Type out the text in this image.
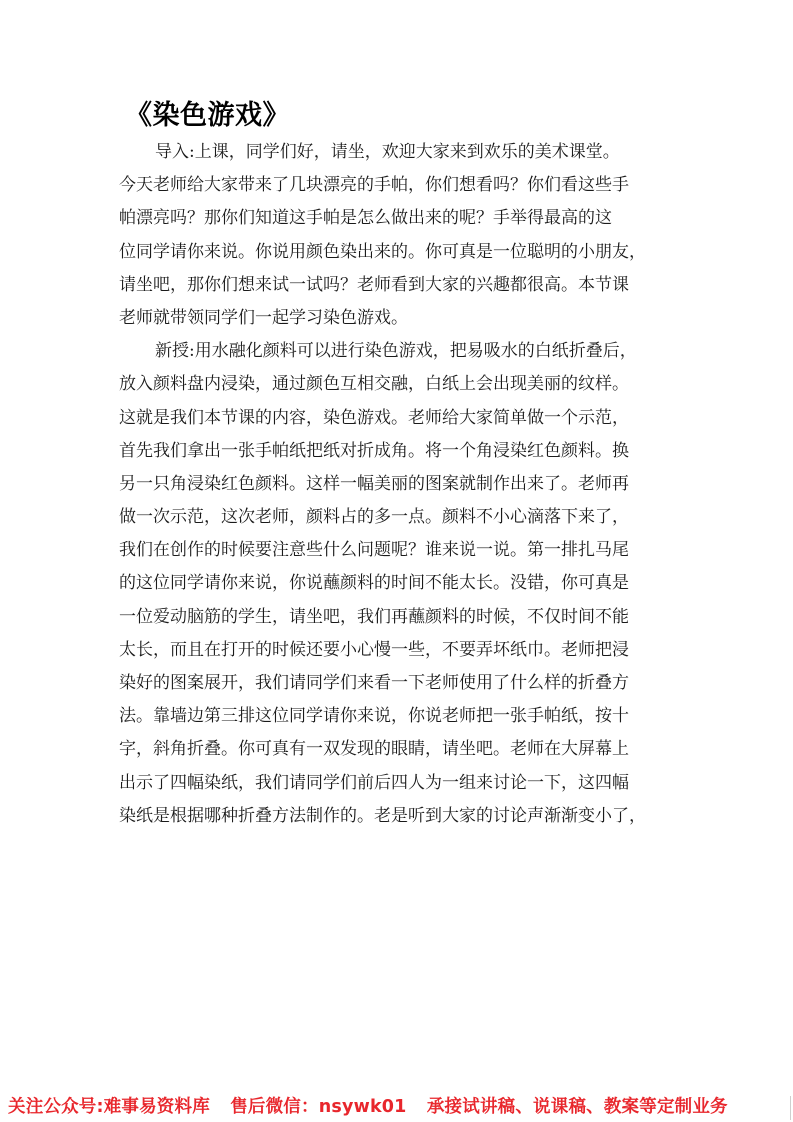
《染色游戏》

导入:上课，同学们好，请坐，欢迎大家来到欢乐的美术课堂。
今天老师给大家带来了几块漂亮的手帕，你们想看吗？你们看这些手
帕漂亮吗？那你们知道这手帕是怎么做出来的呢？手举得最高的这
位同学请你来说。你说用颜色染出来的。你可真是一位聪明的小朋友，
请坐吧，那你们想来试一试吗？老师看到大家的兴趣都很高。本节课
老师就带领同学们一起学习染色游戏。

新授:用水融化颜料可以进行染色游戏，把易吸水的白纸折叠后，
放入颜料盘内浸染，通过颜色互相交融，白纸上会出现美丽的纹样。
这就是我们本节课的内容，染色游戏。老师给大家简单做一个示范，
首先我们拿出一张手帕纸把纸对折成角。将一个角浸染红色颜料。换
另一只角浸染红色颜料。这样一幅美丽的图案就制作出来了。老师再
做一次示范，这次老师，颜料占的多一点。颜料不小心滴落下来了，
我们在创作的时候要注意些什么问题呢？谁来说一说。第一排扎马尾
的这位同学请你来说，你说蘸颜料的时间不能太长。没错，你可真是
一位爱动脑筋的学生，请坐吧，我们再蘸颜料的时候，不仅时间不能
太长，而且在打开的时候还要小心慢一些，不要弄坏纸巾。老师把浸
染好的图案展开，我们请同学们来看一下老师使用了什么样的折叠方
法。靠墙边第三排这位同学请你来说，你说老师把一张手帕纸，按十
字，斜角折叠。你可真有一双发现的眼睛，请坐吧。老师在大屏幕上
出示了四幅染纸，我们请同学们前后四人为一组来讨论一下，这四幅
染纸是根据哪种折叠方法制作的。老是听到大家的讨论声渐渐变小了，

关注公众号:难事易资料库 售后微信：nsywk01 承接试讲稿、说课稿、教案等定制业务
